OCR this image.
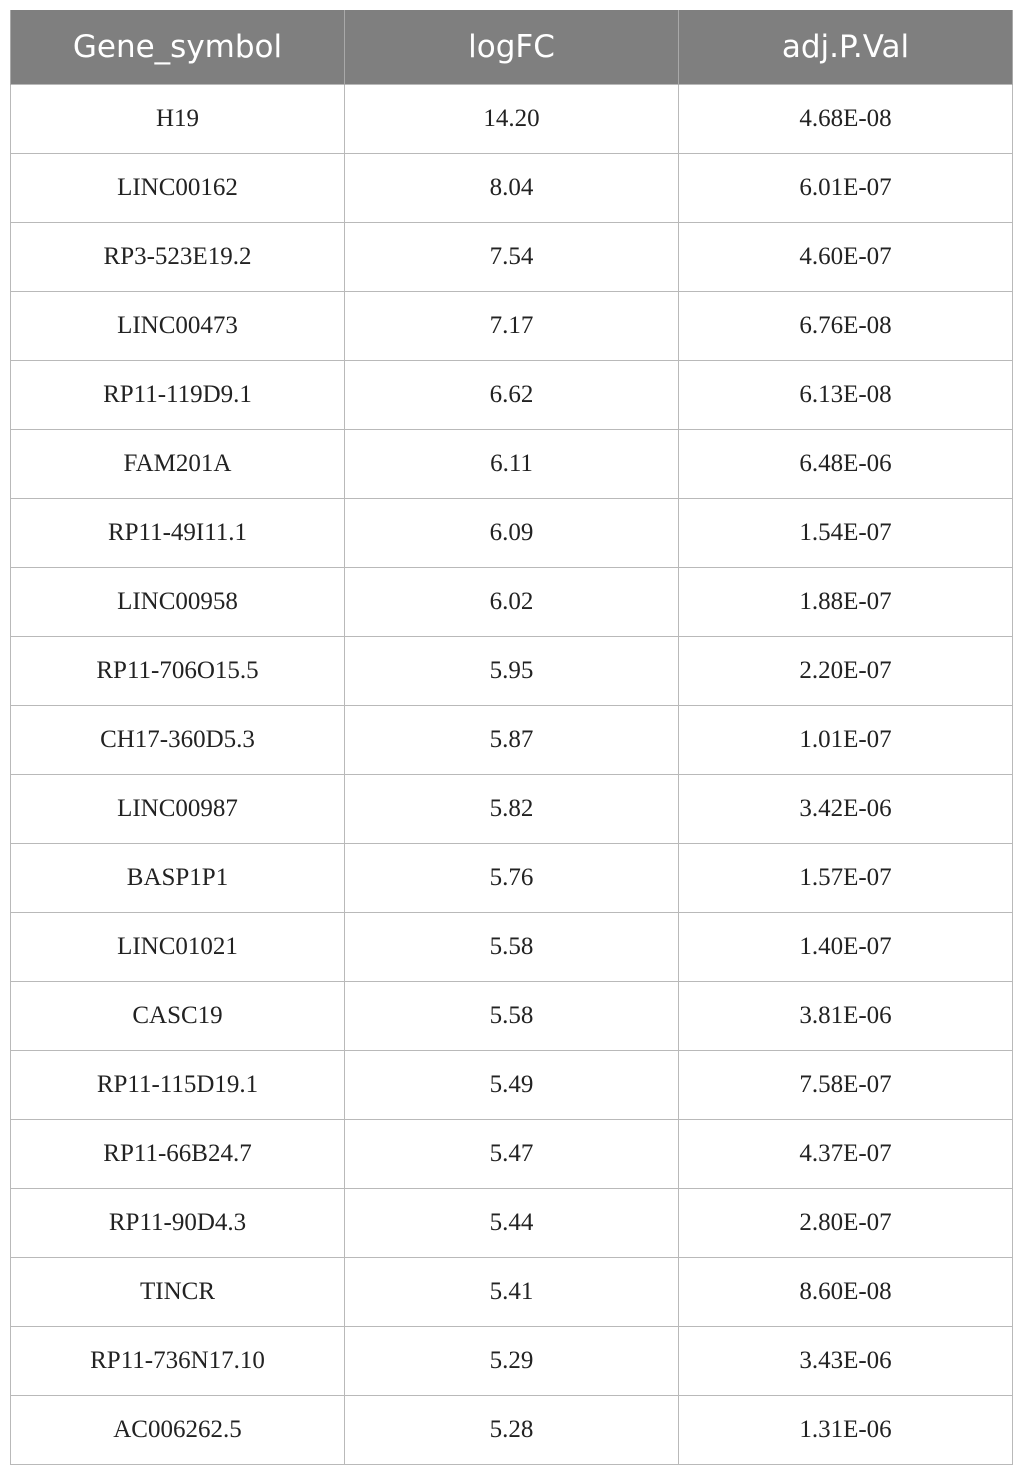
Gene_symbol	logFC	adj.P.Val
H19	14.20	4.68E-08
LINC00162	8.04	6.01E-07
RP3-523E19.2	7.54	4.60E-07
LINC00473	7.17	6.76E-08
RP11-119D9.1	6.62	6.13E-08
FAM201A	6.11	6.48E-06
RP11-49I11.1	6.09	1.54E-07
LINC00958	6.02	1.88E-07
RP11-706O15.5	5.95	2.20E-07
CH17-360D5.3	5.87	1.01E-07
LINC00987	5.82	3.42E-06
BASP1P1	5.76	1.57E-07
LINC01021	5.58	1.40E-07
CASC19	5.58	3.81E-06
RP11-115D19.1	5.49	7.58E-07
RP11-66B24.7	5.47	4.37E-07
RP11-90D4.3	5.44	2.80E-07
TINCR	5.41	8.60E-08
RP11-736N17.10	5.29	3.43E-06
AC006262.5	5.28	1.31E-06
